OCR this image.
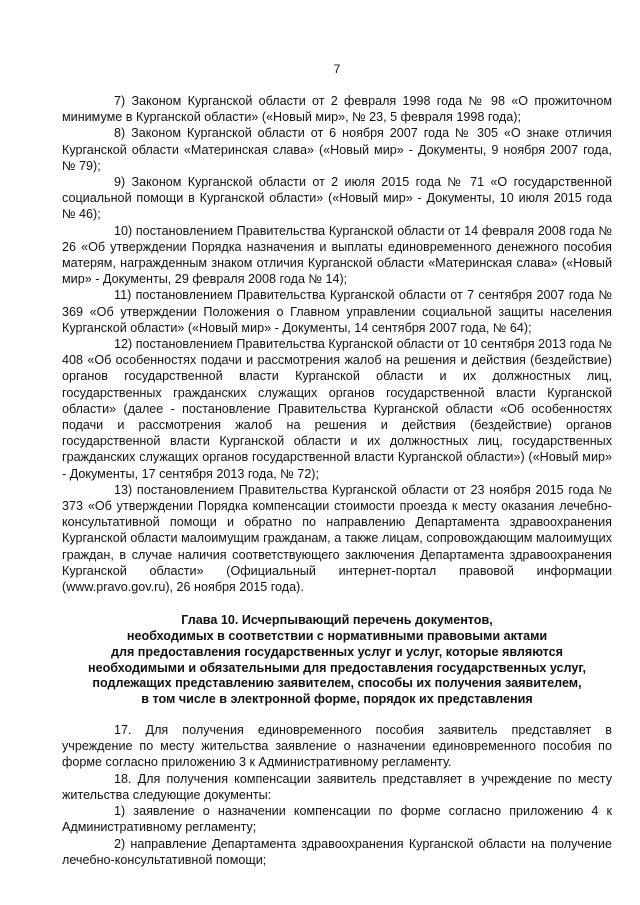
7

7) Законом Курганской области от 2 февраля 1998 года № 98 «О прожиточном минимуме в Курганской области» («Новый мир», № 23, 5 февраля 1998 года);

8) Законом Курганской области от 6 ноября 2007 года № 305 «О знаке отличия Курганской области «Материнская слава» («Новый мир» - Документы, 9 ноября 2007 года, № 79);

9) Законом Курганской области от 2 июля 2015 года № 71 «О государственной социальной помощи в Курганской области» («Новый мир» - Документы, 10 июля 2015 года № 46);

10) постановлением Правительства Курганской области от 14 февраля 2008 года № 26 «Об утверждении Порядка назначения и выплаты единовременного денежного пособия матерям, награжденным знаком отличия Курганской области «Материнская слава» («Новый мир» - Документы, 29 февраля 2008 года № 14);

11) постановлением Правительства Курганской области от 7 сентября 2007 года № 369 «Об утверждении Положения о Главном управлении социальной защиты населения Курганской области» («Новый мир» - Документы, 14 сентября 2007 года, № 64);

12) постановлением Правительства Курганской области от 10 сентября 2013 года № 408 «Об особенностях подачи и рассмотрения жалоб на решения и действия (бездействие) органов государственной власти Курганской области и их должностных лиц, государственных гражданских служащих органов государственной власти Курганской области» (далее - постановление Правительства Курганской области «Об особенностях подачи и рассмотрения жалоб на решения и действия (бездействие) органов государственной власти Курганской области и их должностных лиц, государственных гражданских служащих органов государственной власти Курганской области») («Новый мир» - Документы, 17 сентября 2013 года, № 72);

13) постановлением Правительства Курганской области от 23 ноября 2015 года № 373 «Об утверждении Порядка компенсации стоимости проезда к месту оказания лечебно-консультативной помощи и обратно по направлению Департамента здравоохранения Курганской области малоимущим гражданам, а также лицам, сопровождающим малоимущих граждан, в случае наличия соответствующего заключения Департамента здравоохранения Курганской области» (Официальный интернет-портал правовой информации (www.pravo.gov.ru), 26 ноября 2015 года).

Глава 10. Исчерпывающий перечень документов,
необходимых в соответствии с нормативными правовыми актами
для предоставления государственных услуг и услуг, которые являются
необходимыми и обязательными для предоставления государственных услуг,
подлежащих представлению заявителем, способы их получения заявителем,
в том числе в электронной форме, порядок их представления

17. Для получения единовременного пособия заявитель представляет в учреждение по месту жительства заявление о назначении единовременного пособия по форме согласно приложению 3 к Административному регламенту.

18. Для получения компенсации заявитель представляет в учреждение по месту жительства следующие документы:

1) заявление о назначении компенсации по форме согласно приложению 4 к Административному регламенту;

2) направление Департамента здравоохранения Курганской области на получение лечебно-консультативной помощи;
